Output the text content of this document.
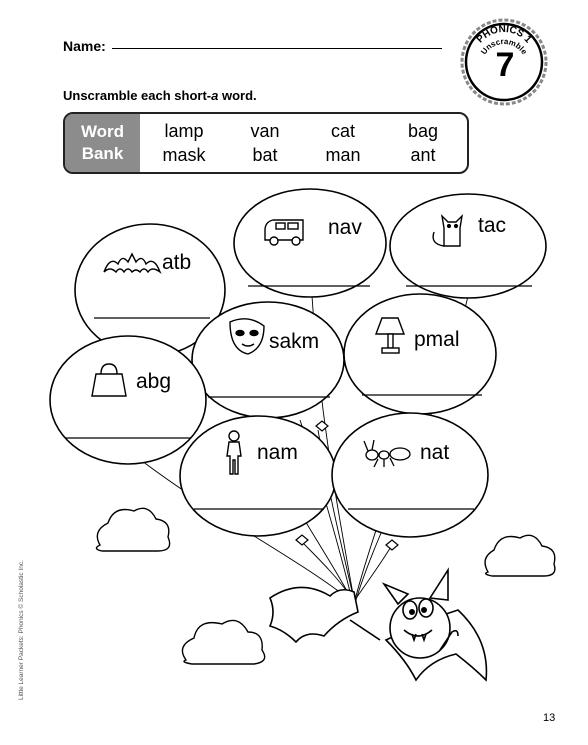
Name:	PHONICS 1
Unscramble
7
Unscramble each short-a word.
Word
Bank
lamp	van	cat	bag
mask	bat	man	ant
atb
nav	tac
sakm	pmal
abg
nam	nat
Little Learner Packets: Phonics © Scholastic Inc.
13
